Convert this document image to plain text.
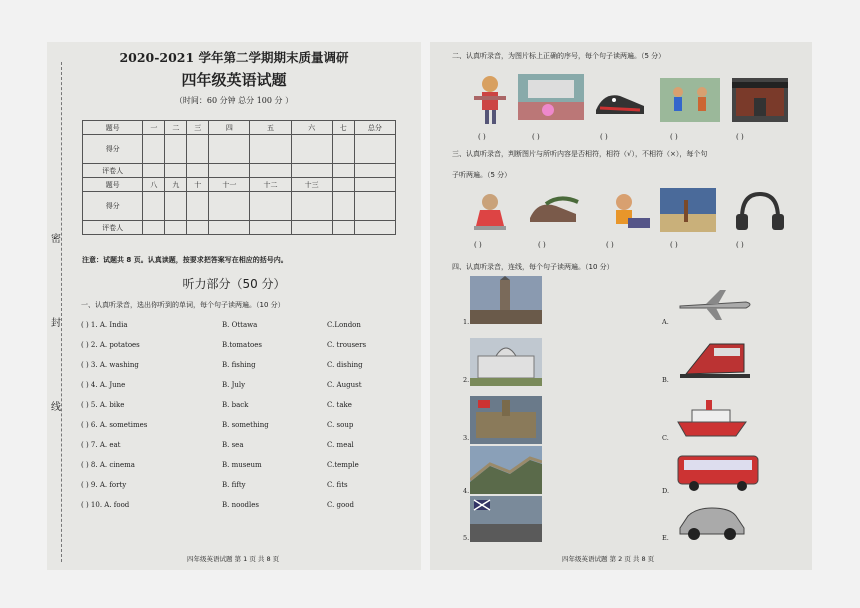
密
封
线
2020-2021 学年第二学期期末质量调研
四年级英语试题
（时间：60 分钟 总分 100 分 ）
题号	一	二	三	四	五	六	七	总分
得分								
评卷人								
题号	八	九	十	十一	十二	十三		
得分								
评卷人								
注意：试题共 8 页。认真读题，按要求把答案写在相应的括号内。
听力部分（50 分）
一、认真听录音，选出你听到的单词，每个句子读两遍。（10 分）
( ) 1. A. India	B. Ottawa	C.London
( ) 2. A. potatoes	B.tomatoes	C. trousers
( ) 3. A. washing	B. fishing	C. dishing
( ) 4. A. June	B. July	C. August
( ) 5. A. bike	B. back	C. take
( ) 6. A. sometimes	B. something	C. soup
( ) 7. A. eat	B. sea	C. meal
( ) 8. A. cinema	B. museum	C.temple
( ) 9. A. forty	B. fifty	C. fits
( ) 10. A. food	B. noodles	C. good
四年级英语试题 第 1 页 共 8 页
二、认真听录音，为图片标上正确的序号，每个句子读两遍。（5 分）
( )	( )	( )	( )	( )
三、认真听录音，判断图片与所听内容是否相符，相符（√），不相符（×），每个句
子听两遍。（5 分）
( )	( )	( )	( )	( )
四、认真听录音，连线，每个句子读两遍。（10 分）
1.
2.
3.
4.
5.
A.
B.
C.
D.
E.
四年级英语试题 第 2 页 共 8 页
